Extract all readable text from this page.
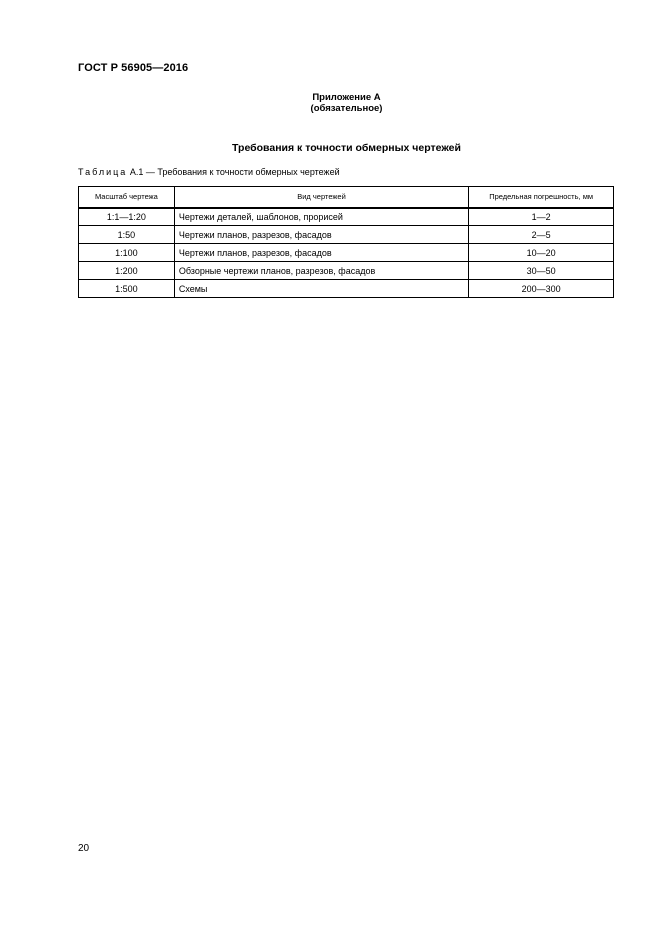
ГОСТ Р 56905—2016
Приложение А
(обязательное)
Требования к точности обмерных чертежей
Таблица А.1 — Требования к точности обмерных чертежей
Масштаб чертежа	Вид чертежей	Предельная погрешность, мм
1:1—1:20	Чертежи деталей, шаблонов, прорисей	1—2
1:50	Чертежи планов, разрезов, фасадов	2—5
1:100	Чертежи планов, разрезов, фасадов	10—20
1:200	Обзорные чертежи планов, разрезов, фасадов	30—50
1:500	Схемы	200—300
20
